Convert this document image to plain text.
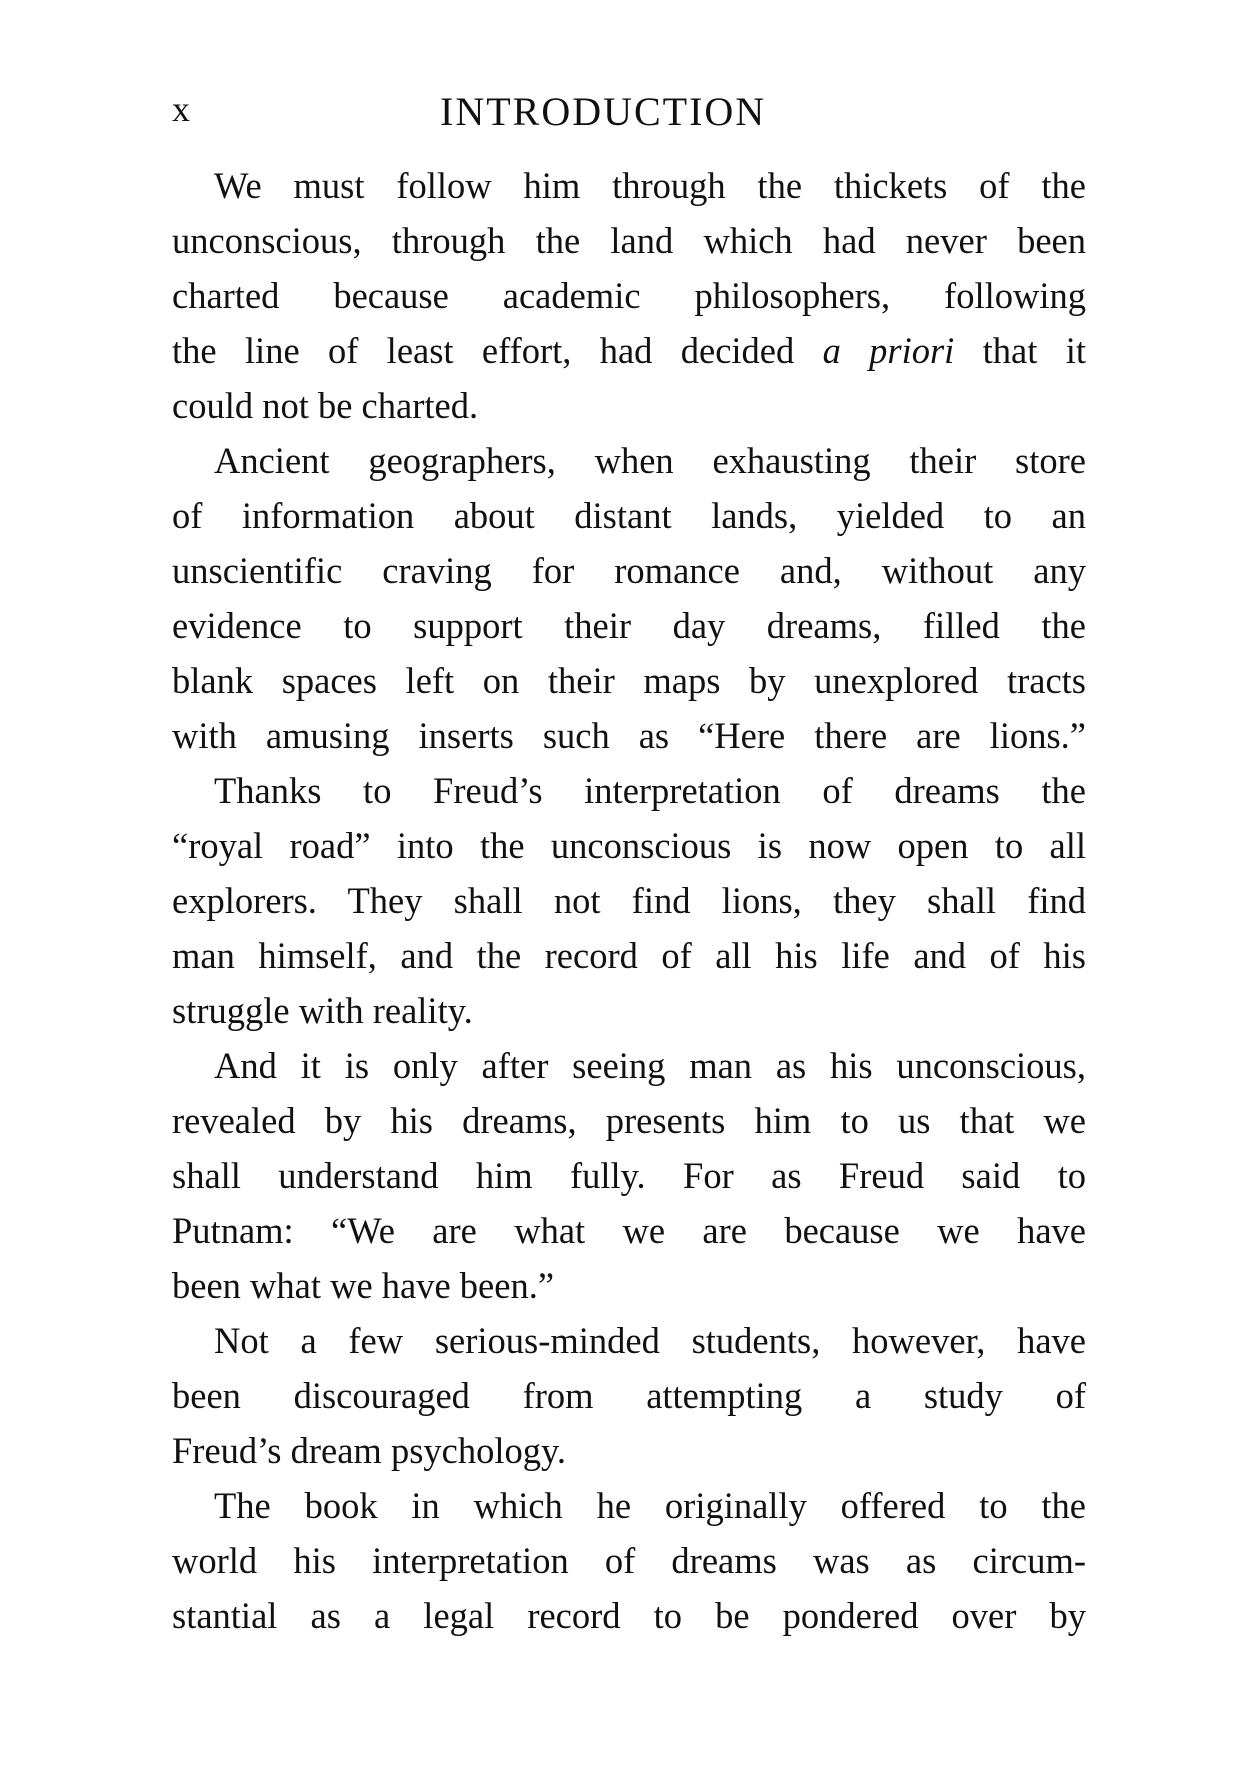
x	INTRODUCTION
We must follow him through the thickets of the
unconscious, through the land which had never been
charted because academic philosophers, following
the line of least effort, had decided a priori that it
could not be charted.
Ancient geographers, when exhausting their store
of information about distant lands, yielded to an
unscientific craving for romance and, without any
evidence to support their day dreams, filled the
blank spaces left on their maps by unexplored tracts
with amusing inserts such as “Here there are lions.”
Thanks to Freud’s interpretation of dreams the
“royal road” into the unconscious is now open to all
explorers. They shall not find lions, they shall find
man himself, and the record of all his life and of his
struggle with reality.
And it is only after seeing man as his unconscious,
revealed by his dreams, presents him to us that we
shall understand him fully. For as Freud said to
Putnam: “We are what we are because we have
been what we have been.”
Not a few serious-minded students, however, have
been discouraged from attempting a study of
Freud’s dream psychology.
The book in which he originally offered to the
world his interpretation of dreams was as circum-
stantial as a legal record to be pondered over by
